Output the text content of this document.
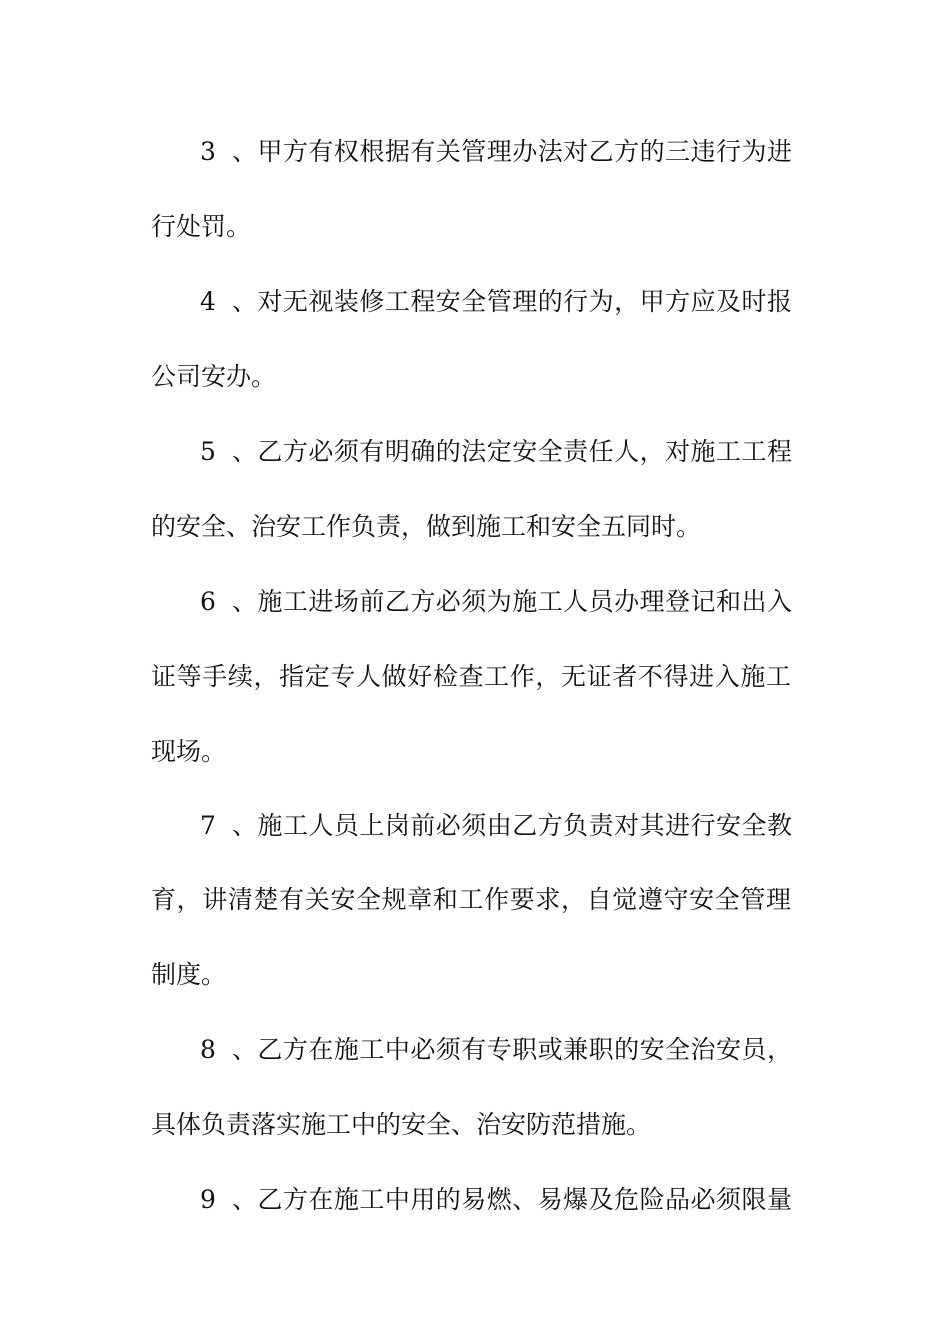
3、甲方有权根据有关管理办法对乙方的三违行为进
行处罚。
4、对无视装修工程安全管理的行为，甲方应及时报
公司安办。
5、乙方必须有明确的法定安全责任人，对施工工程
的安全、治安工作负责，做到施工和安全五同时。
6、施工进场前乙方必须为施工人员办理登记和出入
证等手续，指定专人做好检查工作，无证者不得进入施工
现场。
7、施工人员上岗前必须由乙方负责对其进行安全教
育，讲清楚有关安全规章和工作要求，自觉遵守安全管理
制度。
8、乙方在施工中必须有专职或兼职的安全治安员，
具体负责落实施工中的安全、治安防范措施。
9、乙方在施工中用的易燃、易爆及危险品必须限量
